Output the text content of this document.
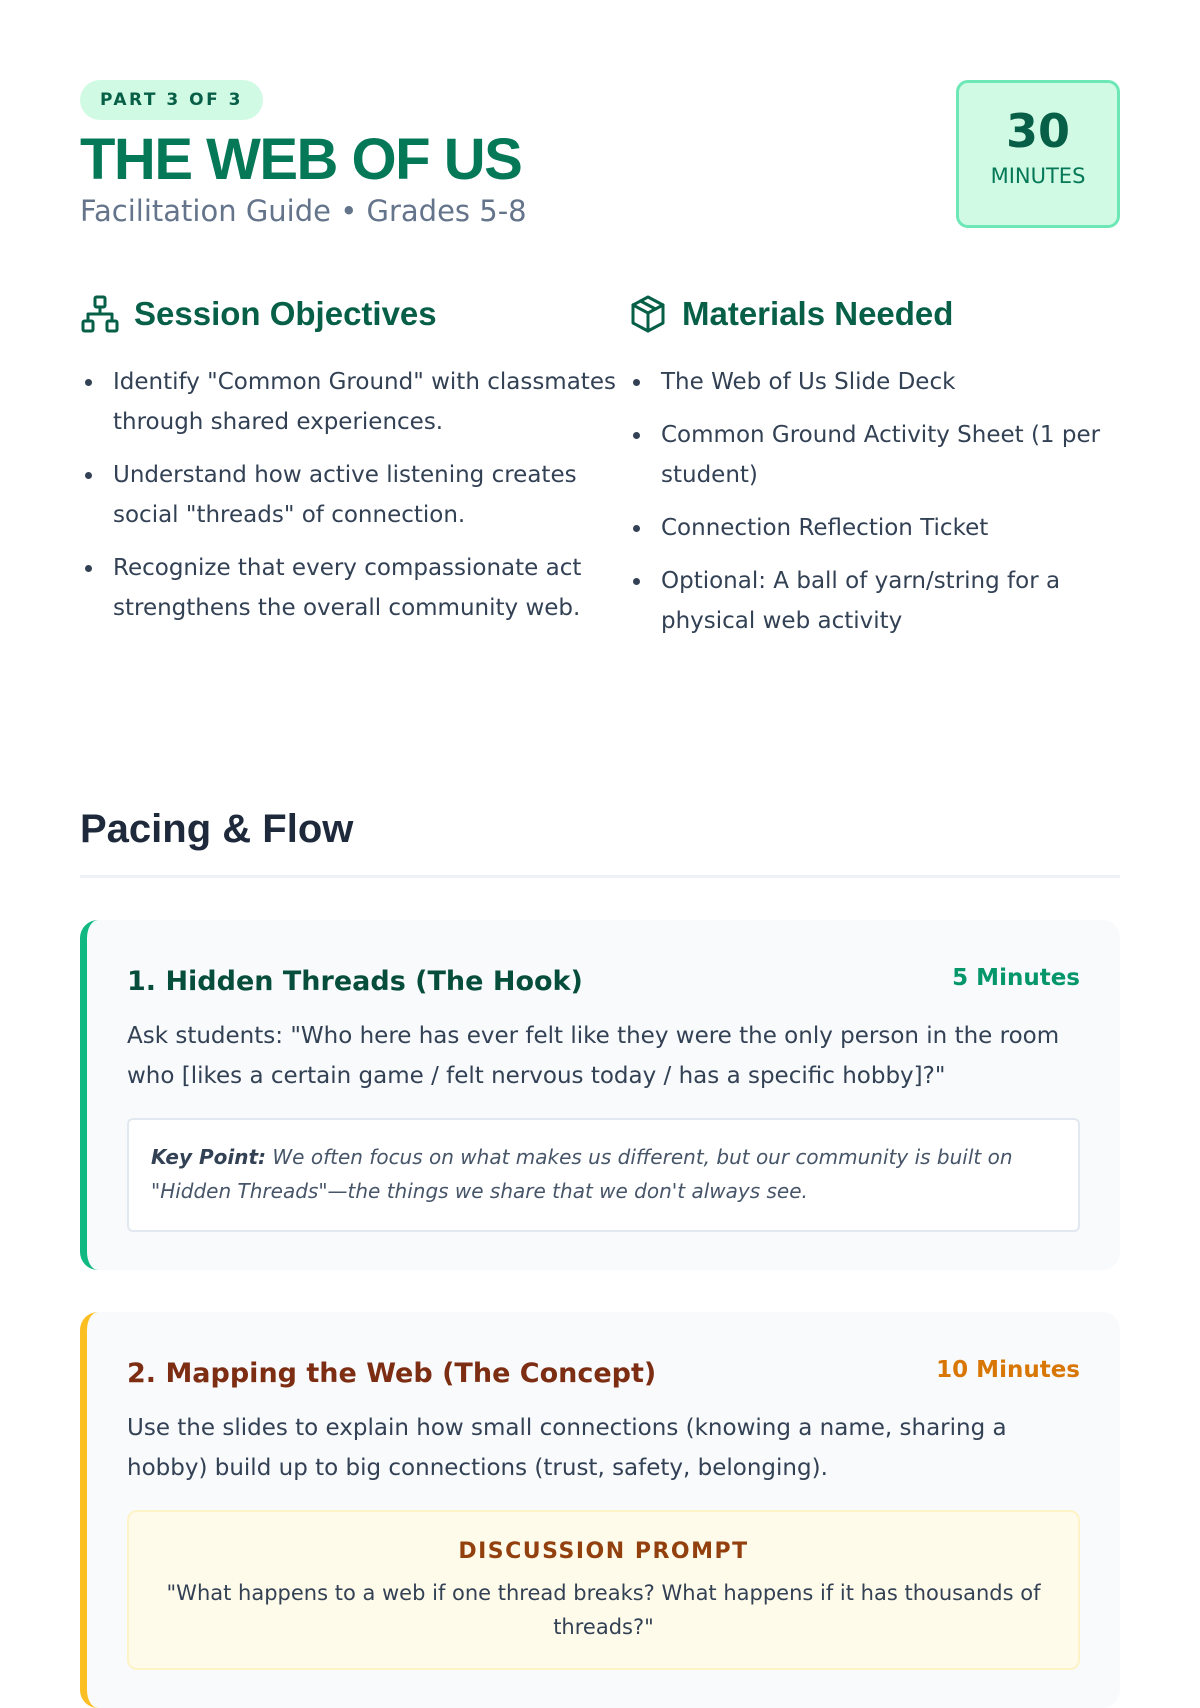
PART 3 OF 3
THE WEB OF US
Facilitation Guide • Grades 5-8
30
MINUTES
Session Objectives
Identify "Common Ground" with classmates through shared experiences.
Understand how active listening creates social "threads" of connection.
Recognize that every compassionate act strengthens the overall community web.
Materials Needed
The Web of Us Slide Deck
Common Ground Activity Sheet (1 per student)
Connection Reflection Ticket
Optional: A ball of yarn/string for a physical web activity
Pacing & Flow
1. Hidden Threads (The Hook)	5 Minutes

Ask students: "Who here has ever felt like they were the only person in the room who [likes a certain game / felt nervous today / has a specific hobby]?"

Key Point: We often focus on what makes us different, but our community is built on "Hidden Threads"—the things we share that we don't always see.
2. Mapping the Web (The Concept)	10 Minutes

Use the slides to explain how small connections (knowing a name, sharing a hobby) build up to big connections (trust, safety, belonging).

DISCUSSION PROMPT
"What happens to a web if one thread breaks? What happens if it has thousands of threads?"
